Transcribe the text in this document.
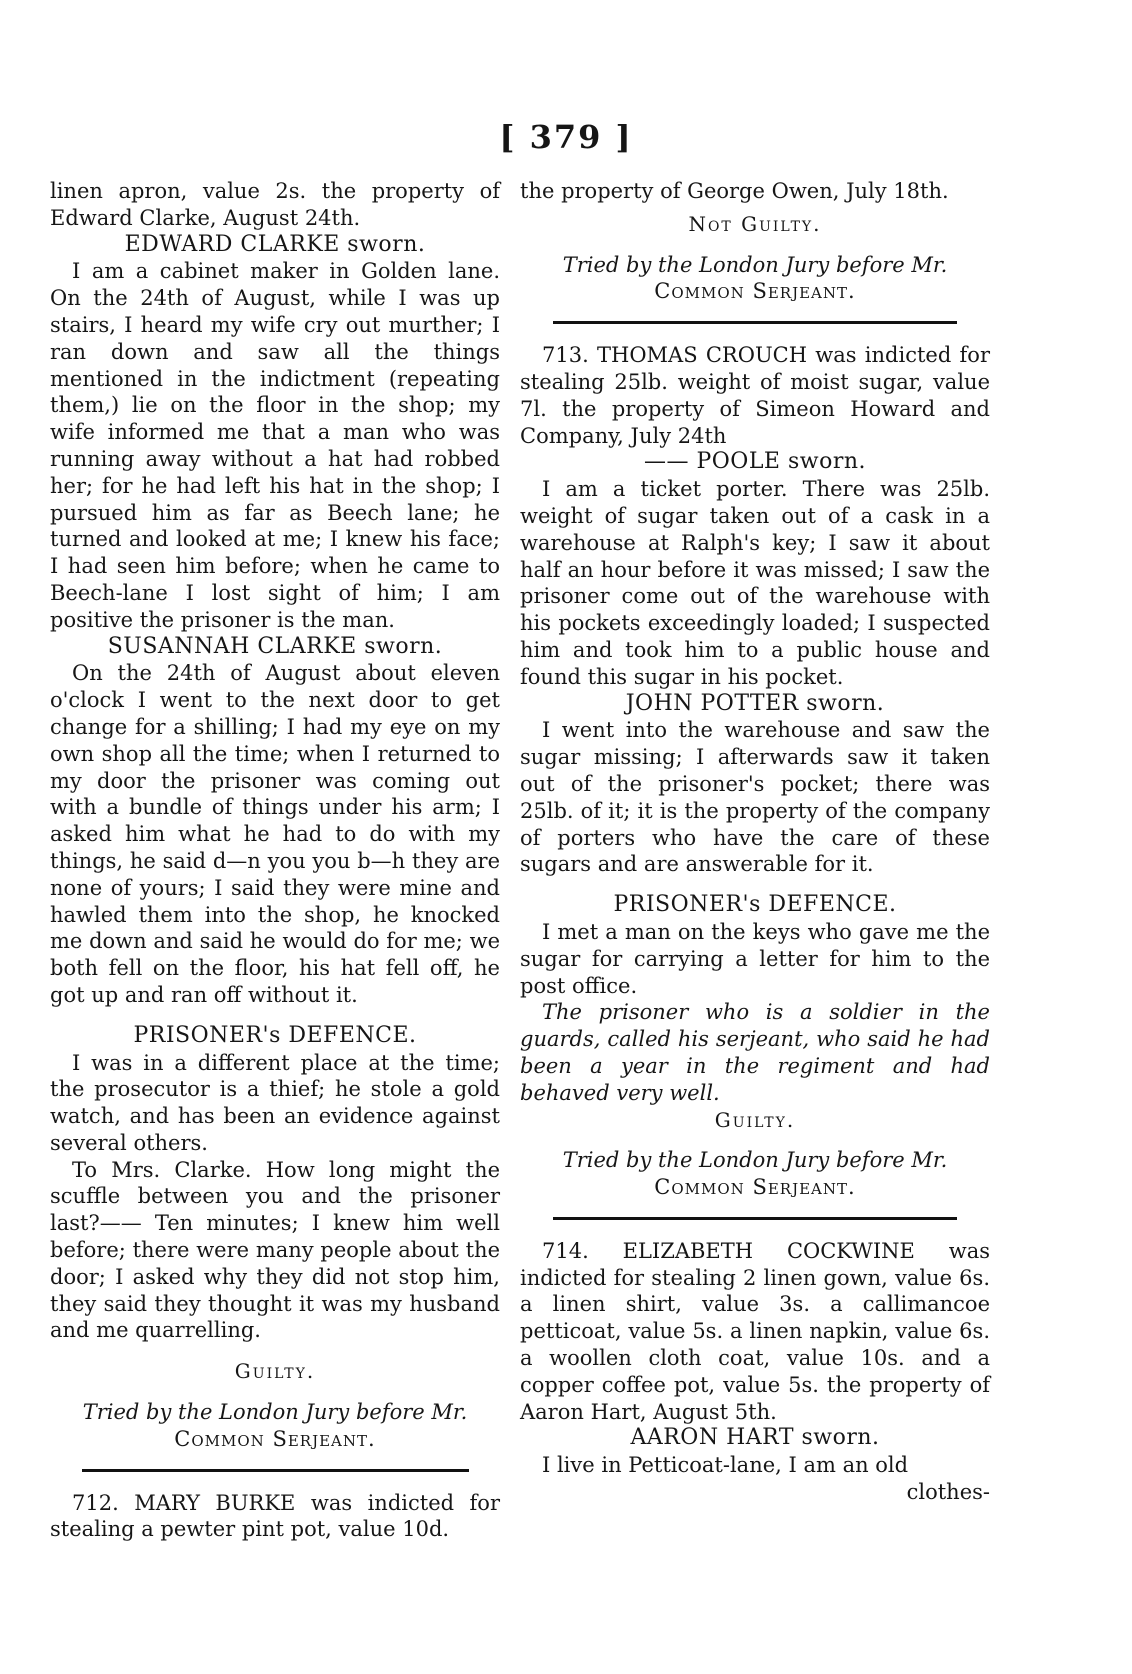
[ 379 ]

linen apron, value 2s. the property of Edward Clarke, August 24th.

EDWARD CLARKE sworn.

I am a cabinet maker in Golden lane. On the 24th of August, while I was up stairs, I heard my wife cry out murther; I ran down and saw all the things mentioned in the indictment (repeating them,) lie on the floor in the shop; my wife informed me that a man who was running away without a hat had robbed her; for he had left his hat in the shop; I pursued him as far as Beech lane; he turned and looked at me; I knew his face; I had seen him before; when he came to Beech-lane I lost sight of him; I am positive the prisoner is the man.

SUSANNAH CLARKE sworn.

On the 24th of August about eleven o'clock I went to the next door to get change for a shilling; I had my eye on my own shop all the time; when I returned to my door the prisoner was coming out with a bundle of things under his arm; I asked him what he had to do with my things, he said d—n you you b—h they are none of yours; I said they were mine and hawled them into the shop, he knocked me down and said he would do for me; we both fell on the floor, his hat fell off, he got up and ran off without it.

PRISONER's DEFENCE.

I was in a different place at the time; the prosecutor is a thief; he stole a gold watch, and has been an evidence against several others.

To Mrs. Clarke. How long might the scuffle between you and the prisoner last?—— Ten minutes; I knew him well before; there were many people about the door; I asked why they did not stop him, they said they thought it was my husband and me quarrelling.

Guilty.

Tried by the London Jury before Mr.

Common Serjeant.

712. MARY BURKE was indicted for stealing a pewter pint pot, value 10d.

the property of George Owen, July 18th.

Not Guilty.

Tried by the London Jury before Mr.

Common Serjeant.

713. THOMAS CROUCH was indicted for stealing 25lb. weight of moist sugar, value 7l. the property of Simeon Howard and Company, July 24th

—— POOLE sworn.

I am a ticket porter. There was 25lb. weight of sugar taken out of a cask in a warehouse at Ralph's key; I saw it about half an hour before it was missed; I saw the prisoner come out of the warehouse with his pockets exceedingly loaded; I suspected him and took him to a public house and found this sugar in his pocket.

JOHN POTTER sworn.

I went into the warehouse and saw the sugar missing; I afterwards saw it taken out of the prisoner's pocket; there was 25lb. of it; it is the property of the company of porters who have the care of these sugars and are answerable for it.

PRISONER's DEFENCE.

I met a man on the keys who gave me the sugar for carrying a letter for him to the post office.

The prisoner who is a soldier in the guards, called his serjeant, who said he had been a year in the regiment and had behaved very well.

Guilty.

Tried by the London Jury before Mr.

Common Serjeant.

714. ELIZABETH COCKWINE was indicted for stealing 2 linen gown, value 6s. a linen shirt, value 3s. a callimancoe petticoat, value 5s. a linen napkin, value 6s. a woollen cloth coat, value 10s. and a copper coffee pot, value 5s. the property of Aaron Hart, August 5th.

AARON HART sworn.

I live in Petticoat-lane, I am an old

clothes-
